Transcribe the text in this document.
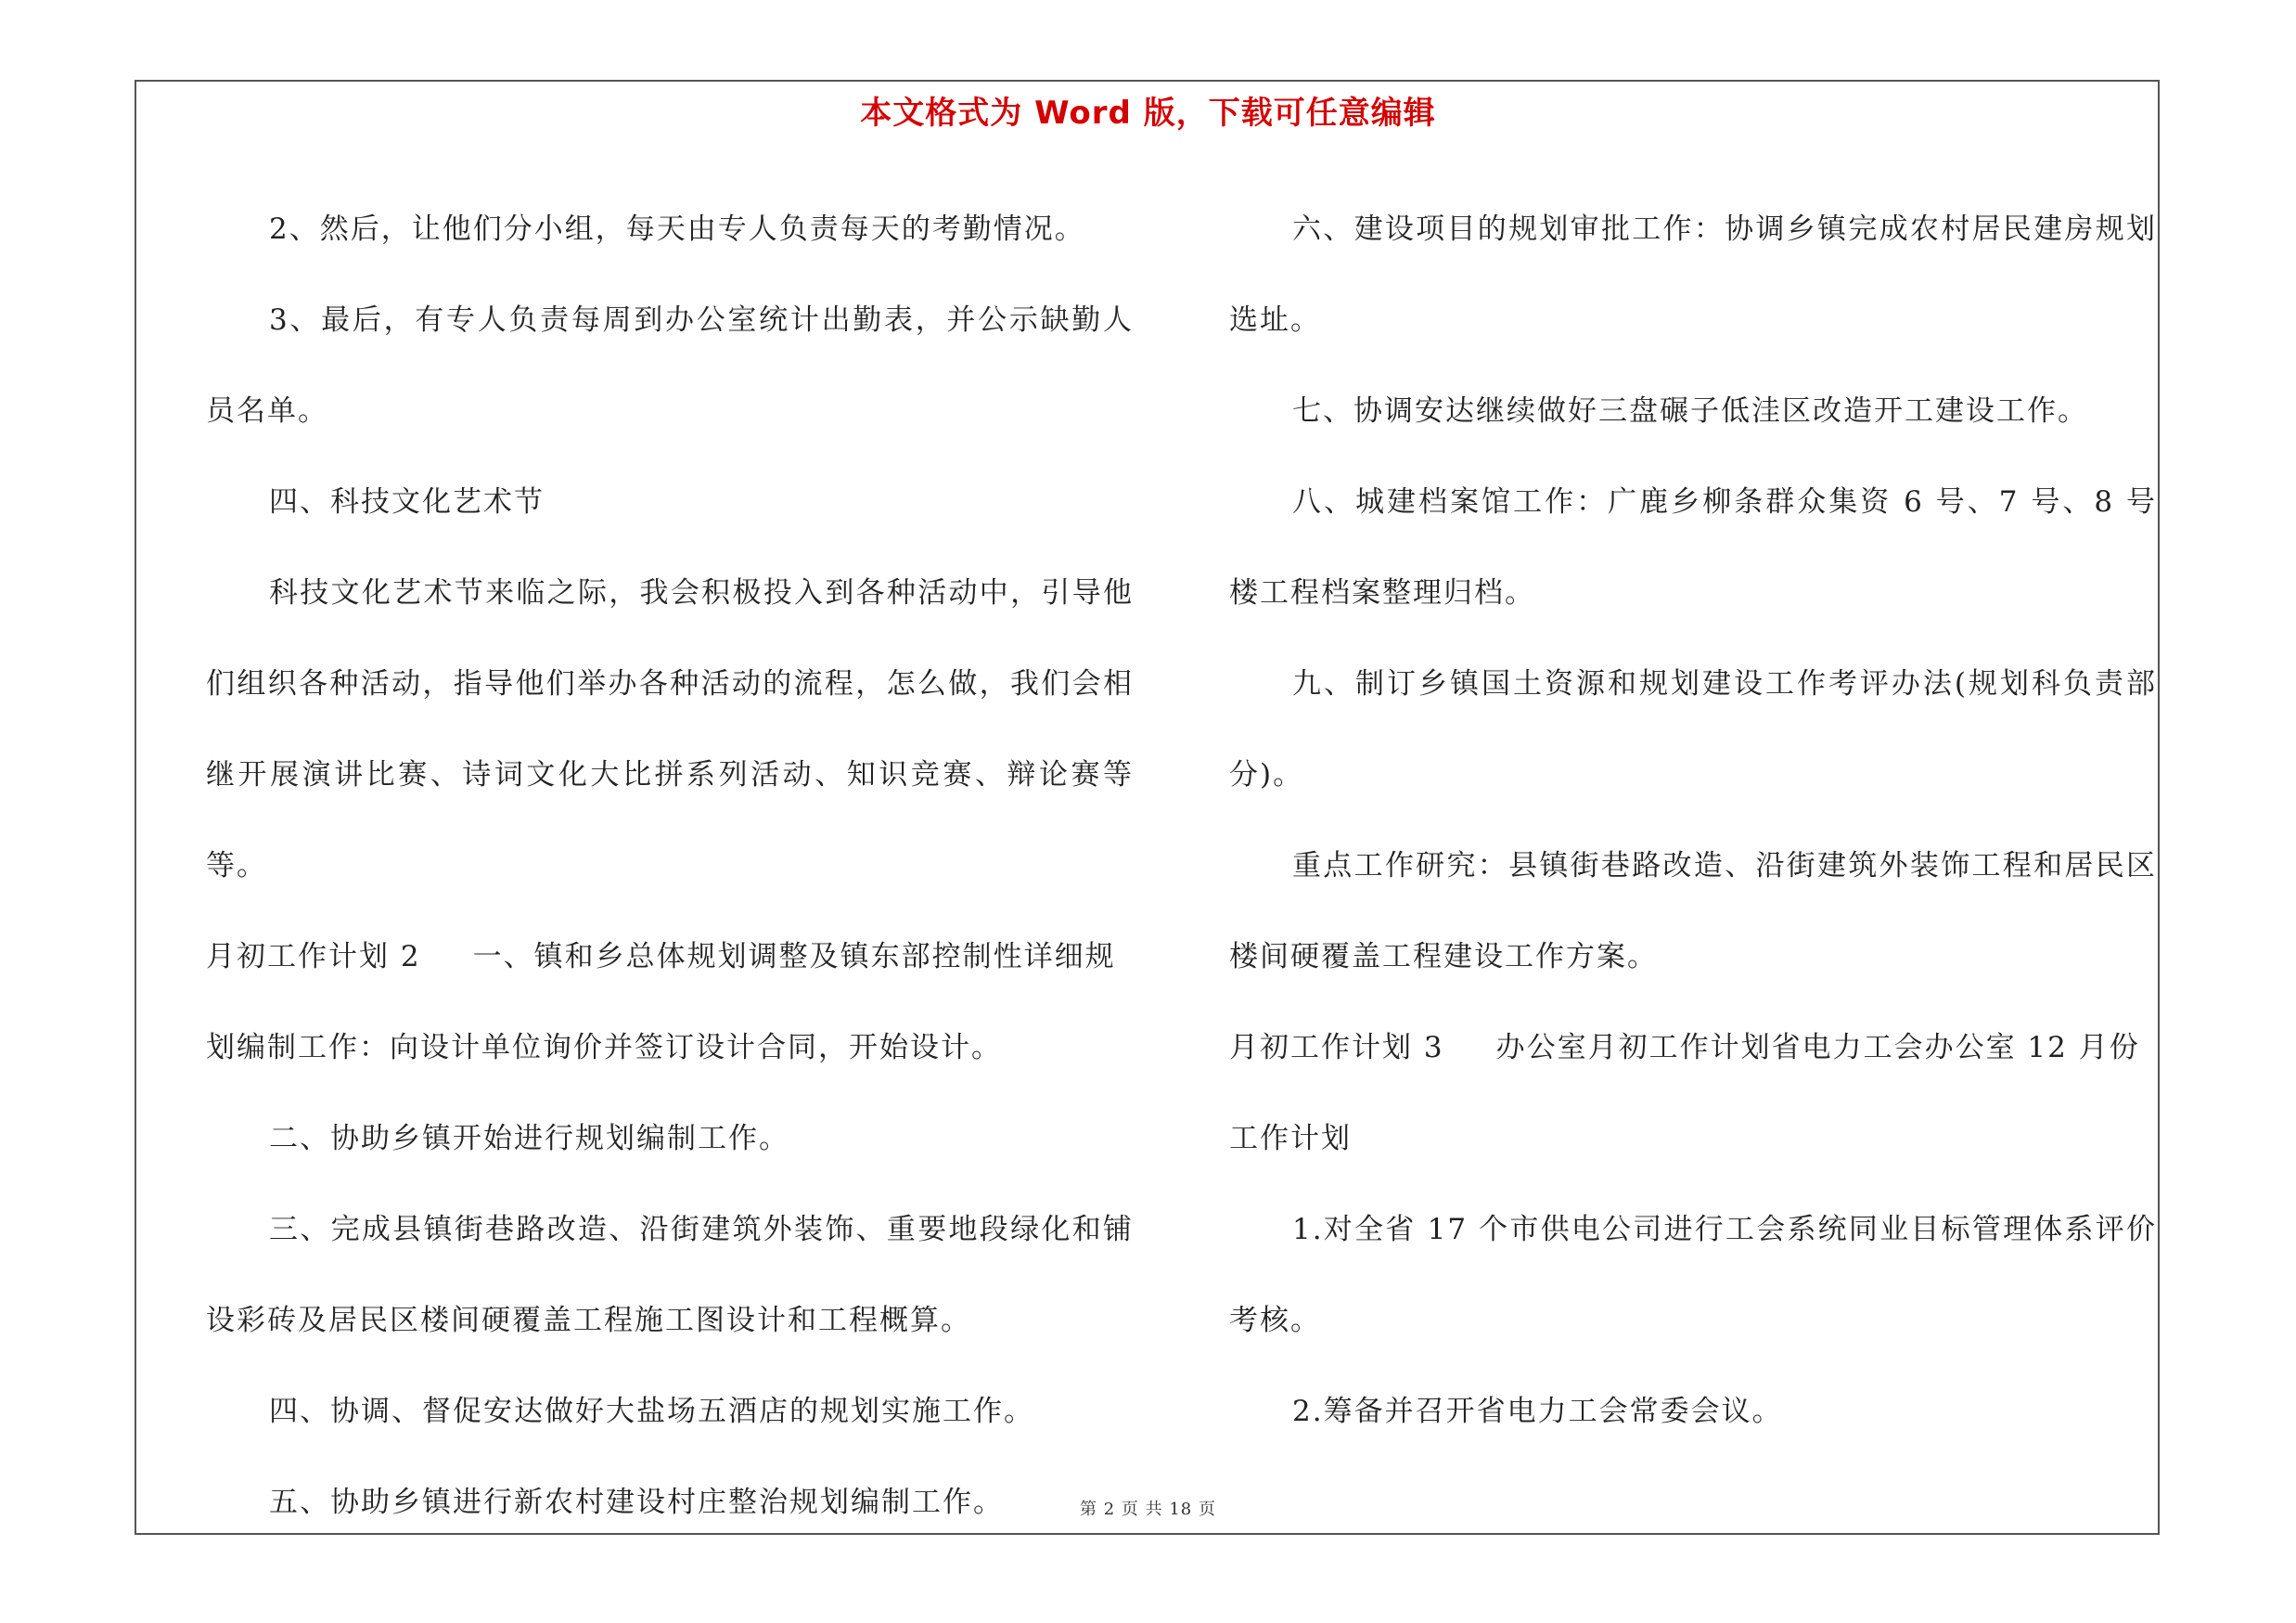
本文格式为 Word 版，下载可任意编辑

2、然后，让他们分小组，每天由专人负责每天的考勤情况。

3、最后，有专人负责每周到办公室统计出勤表，并公示缺勤人员名单。

四、科技文化艺术节

科技文化艺术节来临之际，我会积极投入到各种活动中，引导他们组织各种活动，指导他们举办各种活动的流程，怎么做，我们会相继开展演讲比赛、诗词文化大比拼系列活动、知识竞赛、辩论赛等等。

月初工作计划 2 一、镇和乡总体规划调整及镇东部控制性详细规划编制工作：向设计单位询价并签订设计合同，开始设计。

二、协助乡镇开始进行规划编制工作。

三、完成县镇街巷路改造、沿街建筑外装饰、重要地段绿化和铺设彩砖及居民区楼间硬覆盖工程施工图设计和工程概算。

四、协调、督促安达做好大盐场五酒店的规划实施工作。

五、协助乡镇进行新农村建设村庄整治规划编制工作。

六、建设项目的规划审批工作：协调乡镇完成农村居民建房规划选址。

七、协调安达继续做好三盘碾子低洼区改造开工建设工作。

八、城建档案馆工作：广鹿乡柳条群众集资 6 号、7 号、8 号楼工程档案整理归档。

九、制订乡镇国土资源和规划建设工作考评办法(规划科负责部分)。

重点工作研究：县镇街巷路改造、沿街建筑外装饰工程和居民区楼间硬覆盖工程建设工作方案。

月初工作计划 3 办公室月初工作计划省电力工会办公室 12 月份工作计划

1.对全省 17 个市供电公司进行工会系统同业目标管理体系评价考核。

2.筹备并召开省电力工会常委会议。

第 2 页 共 18 页
